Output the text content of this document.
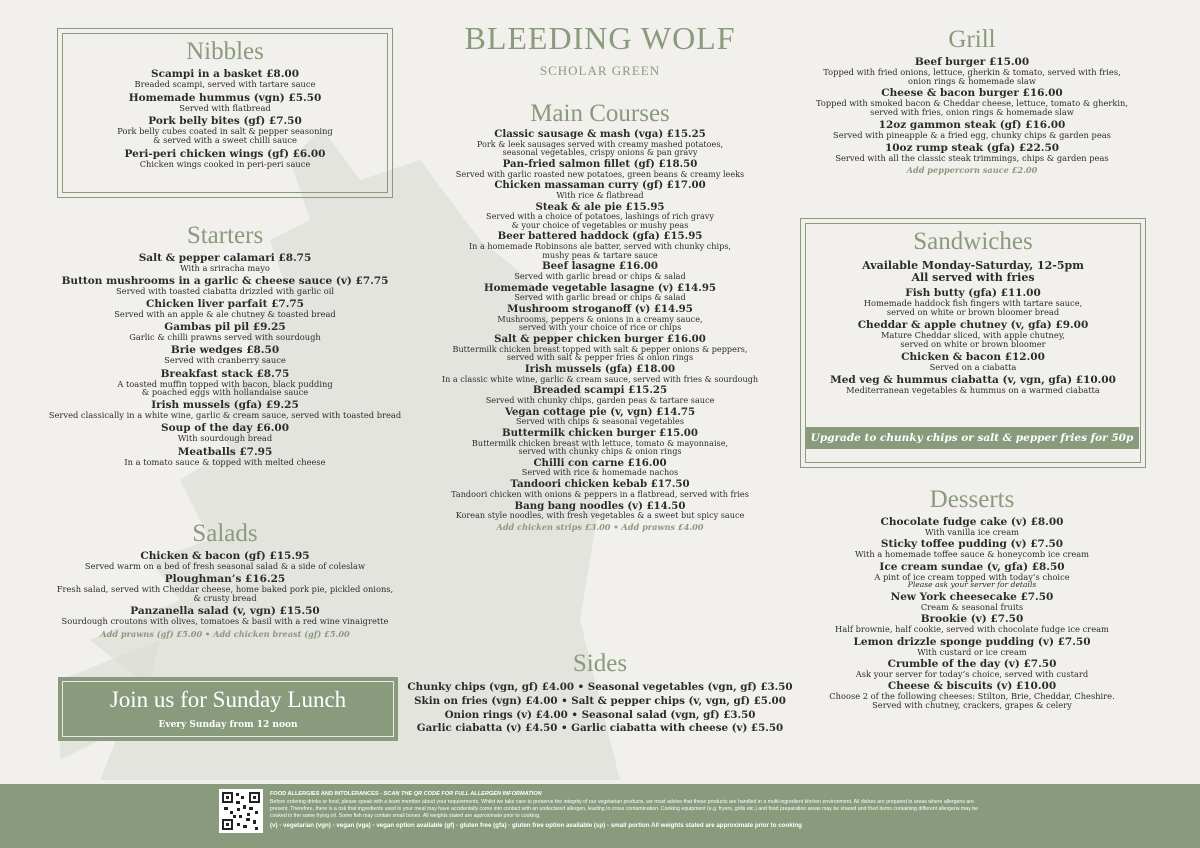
Nibbles
Scampi in a basket £8.00
Breaded scampi, served with tartare sauce
Homemade hummus (vgn) £5.50
Served with flatbread
Pork belly bites (gf) £7.50
Pork belly cubes coated in salt & pepper seasoning
& served with a sweet chilli sauce
Peri-peri chicken wings (gf) £6.00
Chicken wings cooked in peri-peri sauce
Starters
Salt & pepper calamari £8.75
With a sriracha mayo
Button mushrooms in a garlic & cheese sauce (v) £7.75
Served with toasted ciabatta drizzled with garlic oil
Chicken liver parfait £7.75
Served with an apple & ale chutney & toasted bread
Gambas pil pil £9.25
Garlic & chilli prawns served with sourdough
Brie wedges £8.50
Served with cranberry sauce
Breakfast stack £8.75
A toasted muffin topped with bacon, black pudding
& poached eggs with hollandaise sauce
Irish mussels (gfa) £9.25
Served classically in a white wine, garlic & cream sauce, served with toasted bread
Soup of the day £6.00
With sourdough bread
Meatballs £7.95
In a tomato sauce & topped with melted cheese
Salads
Chicken & bacon (gf) £15.95
Served warm on a bed of fresh seasonal salad & a side of coleslaw
Ploughman’s £16.25
Fresh salad, served with Cheddar cheese, home baked pork pie, pickled onions,
& crusty bread
Panzanella salad (v, vgn) £15.50
Sourdough croutons with olives, tomatoes & basil with a red wine vinaigrette
Add prawns (gf) £5.00 • Add chicken breast (gf) £5.00
Join us for Sunday Lunch
Every Sunday from 12 noon
BLEEDING WOLF
SCHOLAR GREEN
Main Courses
Classic sausage & mash (vga) £15.25
Pork & leek sausages served with creamy mashed potatoes,
seasonal vegetables, crispy onions & pan gravy
Pan-fried salmon fillet (gf) £18.50
Served with garlic roasted new potatoes, green beans & creamy leeks
Chicken massaman curry (gf) £17.00
With rice & flatbread
Steak & ale pie £15.95
Served with a choice of potatoes, lashings of rich gravy
& your choice of vegetables or mushy peas
Beer battered haddock (gfa) £15.95
In a homemade Robinsons ale batter, served with chunky chips,
mushy peas & tartare sauce
Beef lasagne £16.00
Served with garlic bread or chips & salad
Homemade vegetable lasagne (v) £14.95
Served with garlic bread or chips & salad
Mushroom stroganoff (v) £14.95
Mushrooms, peppers & onions in a creamy sauce,
served with your choice of rice or chips
Salt & pepper chicken burger £16.00
Buttermilk chicken breast topped with salt & pepper onions & peppers,
served with salt & pepper fries & onion rings
Irish mussels (gfa) £18.00
In a classic white wine, garlic & cream sauce, served with fries & sourdough
Breaded scampi £15.25
Served with chunky chips, garden peas & tartare sauce
Vegan cottage pie (v, vgn) £14.75
Served with chips & seasonal vegetables
Buttermilk chicken burger £15.00
Buttermilk chicken breast with lettuce, tomato & mayonnaise,
served with chunky chips & onion rings
Chilli con carne £16.00
Served with rice & homemade nachos
Tandoori chicken kebab £17.50
Tandoori chicken with onions & peppers in a flatbread, served with fries
Bang bang noodles (v) £14.50
Korean style noodles, with fresh vegetables & a sweet but spicy sauce
Add chicken strips £3.00 • Add prawns £4.00
Sides
Chunky chips (vgn, gf) £4.00 • Seasonal vegetables (vgn, gf) £3.50
Skin on fries (vgn) £4.00 • Salt & pepper chips (v, vgn, gf) £5.00
Onion rings (v) £4.00 • Seasonal salad (vgn, gf) £3.50
Garlic ciabatta (v) £4.50 • Garlic ciabatta with cheese (v) £5.50
Grill
Beef burger £15.00
Topped with fried onions, lettuce, gherkin & tomato, served with fries,
onion rings & homemade slaw
Cheese & bacon burger £16.00
Topped with smoked bacon & Cheddar cheese, lettuce, tomato & gherkin,
served with fries, onion rings & homemade slaw
12oz gammon steak (gf) £16.00
Served with pineapple & a fried egg, chunky chips & garden peas
10oz rump steak (gfa) £22.50
Served with all the classic steak trimmings, chips & garden peas
Add peppercorn sauce £2.00
Sandwiches
Available Monday-Saturday, 12-5pm
All served with fries
Fish butty (gfa) £11.00
Homemade haddock fish fingers with tartare sauce,
served on white or brown bloomer bread
Cheddar & apple chutney (v, gfa) £9.00
Mature Cheddar sliced, with apple chutney,
served on white or brown bloomer
Chicken & bacon £12.00
Served on a ciabatta
Med veg & hummus ciabatta (v, vgn, gfa) £10.00
Mediterranean vegetables & hummus on a warmed ciabatta
Upgrade to chunky chips or salt & pepper fries for 50p
Desserts
Chocolate fudge cake (v) £8.00
With vanilla ice cream
Sticky toffee pudding (v) £7.50
With a homemade toffee sauce & honeycomb ice cream
Ice cream sundae (v, gfa) £8.50
A pint of ice cream topped with today’s choice
Please ask your server for details
New York cheesecake £7.50
Cream & seasonal fruits
Brookie (v) £7.50
Half brownie, half cookie, served with chocolate fudge ice cream
Lemon drizzle sponge pudding (v) £7.50
With custard or ice cream
Crumble of the day (v) £7.50
Ask your server for today’s choice, served with custard
Cheese & biscuits (v) £10.00
Choose 2 of the following cheeses: Stilton, Brie, Cheddar, Cheshire.
Served with chutney, crackers, grapes & celery
FOOD ALLERGIES AND INTOLERANCES - SCAN THE QR CODE FOR FULL ALLERGEN INFORMATION
Before ordering drinks or food, please speak with a team member about your requirements. Whilst we take care to preserve the integrity of our vegetarian products, we must advise that these products are handled in a multi-ingredient kitchen environment. All dishes are prepared in areas where allergens are present. Therefore, there is a risk that ingredients used in your meal may have accidentally come into contact with an undeclared allergen, leading to cross contamination. Cooking equipment (e.g. fryers, grills etc.) and food preparation areas may be shared and fried items containing different allergens may be cooked in the same frying oil. Some fish may contain small bones. All weights stated are approximate prior to cooking.
(v) - vegetarian (vgn) - vegan (vga) - vegan option available (gf) - gluten free (gfa) - gluten free option available (sp) - small portion All weights stated are approximate prior to cooking
